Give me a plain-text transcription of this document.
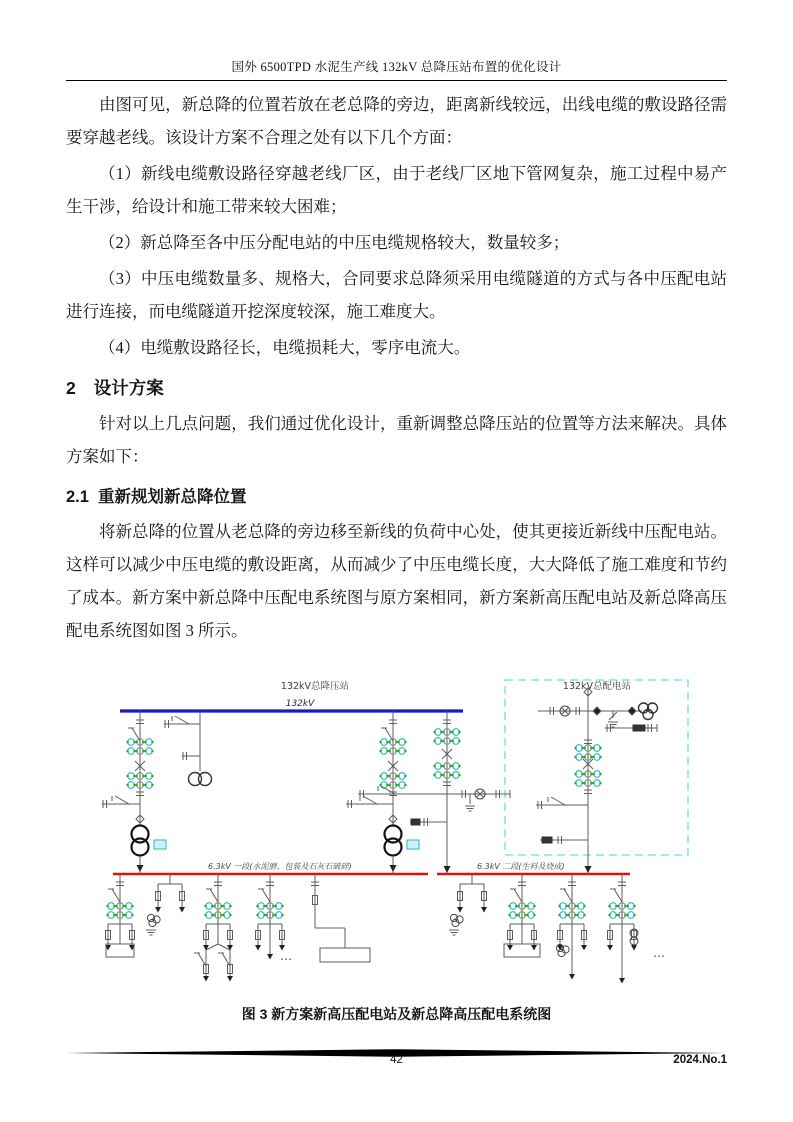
国外 6500TPD 水泥生产线 132kV 总降压站布置的优化设计

由图可见，新总降的位置若放在老总降的旁边，距离新线较远，出线电缆的敷设路径需要穿越老线。该设计方案不合理之处有以下几个方面：

（1）新线电缆敷设路径穿越老线厂区，由于老线厂区地下管网复杂，施工过程中易产生干涉，给设计和施工带来较大困难；

（2）新总降至各中压分配电站的中压电缆规格较大，数量较多；

（3）中压电缆数量多、规格大，合同要求总降须采用电缆隧道的方式与各中压配电站进行连接，而电缆隧道开挖深度较深，施工难度大。

（4）电缆敷设路径长，电缆损耗大，零序电流大。

2 设计方案

针对以上几点问题，我们通过优化设计，重新调整总降压站的位置等方法来解决。具体方案如下：

2.1 重新规划新总降位置

将新总降的位置从老总降的旁边移至新线的负荷中心处，使其更接近新线中压配电站。这样可以减少中压电缆的敷设距离，从而减少了中压电缆长度，大大降低了施工难度和节约了成本。新方案中新总降中压配电系统图与原方案相同，新方案新高压配电站及新总降高压配电系统图如图 3 所示。

132kV总降压站
132kV
132kV总配电站
6.3kV 一段(水泥磨、包装及石灰石破碎)	6.3kV 二段(生料及烧成)
…	…
图 3 新方案新高压配电站及新总降高压配电系统图
42	2024.No.1
